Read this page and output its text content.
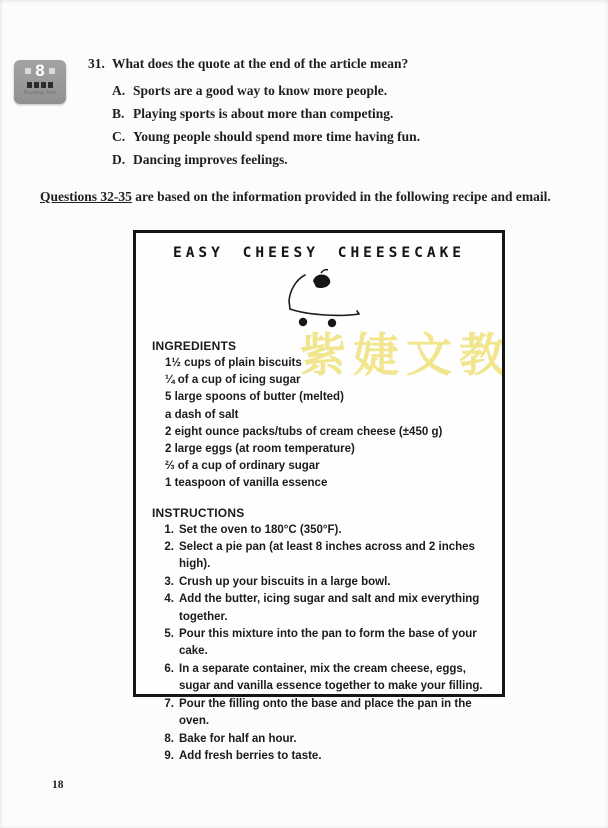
8
Reading Test
31. What does the quote at the end of the article mean?
A. Sports are a good way to know more people.
B. Playing sports is about more than competing.
C. Young people should spend more time having fun.
D. Dancing improves feelings.

Questions 32-35 are based on the information provided in the following recipe and email.

EASY CHEESY CHEESECAKE
INGREDIENTS
1½ cups of plain biscuits
¼ of a cup of icing sugar
5 large spoons of butter (melted)
a dash of salt
2 eight ounce packs/tubs of cream cheese (±450 g)
2 large eggs (at room temperature)
⅔ of a cup of ordinary sugar
1 teaspoon of vanilla essence
INSTRUCTIONS
1. Set the oven to 180°C (350°F).
2. Select a pie pan (at least 8 inches across and 2 inches high).
3. Crush up your biscuits in a large bowl.
4. Add the butter, icing sugar and salt and mix everything together.
5. Pour this mixture into the pan to form the base of your cake.
6. In a separate container, mix the cream cheese, eggs, sugar and vanilla essence together to make your filling.
7. Pour the filling onto the base and place the pan in the oven.
8. Bake for half an hour.
9. Add fresh berries to taste.
紫婕文教
18
